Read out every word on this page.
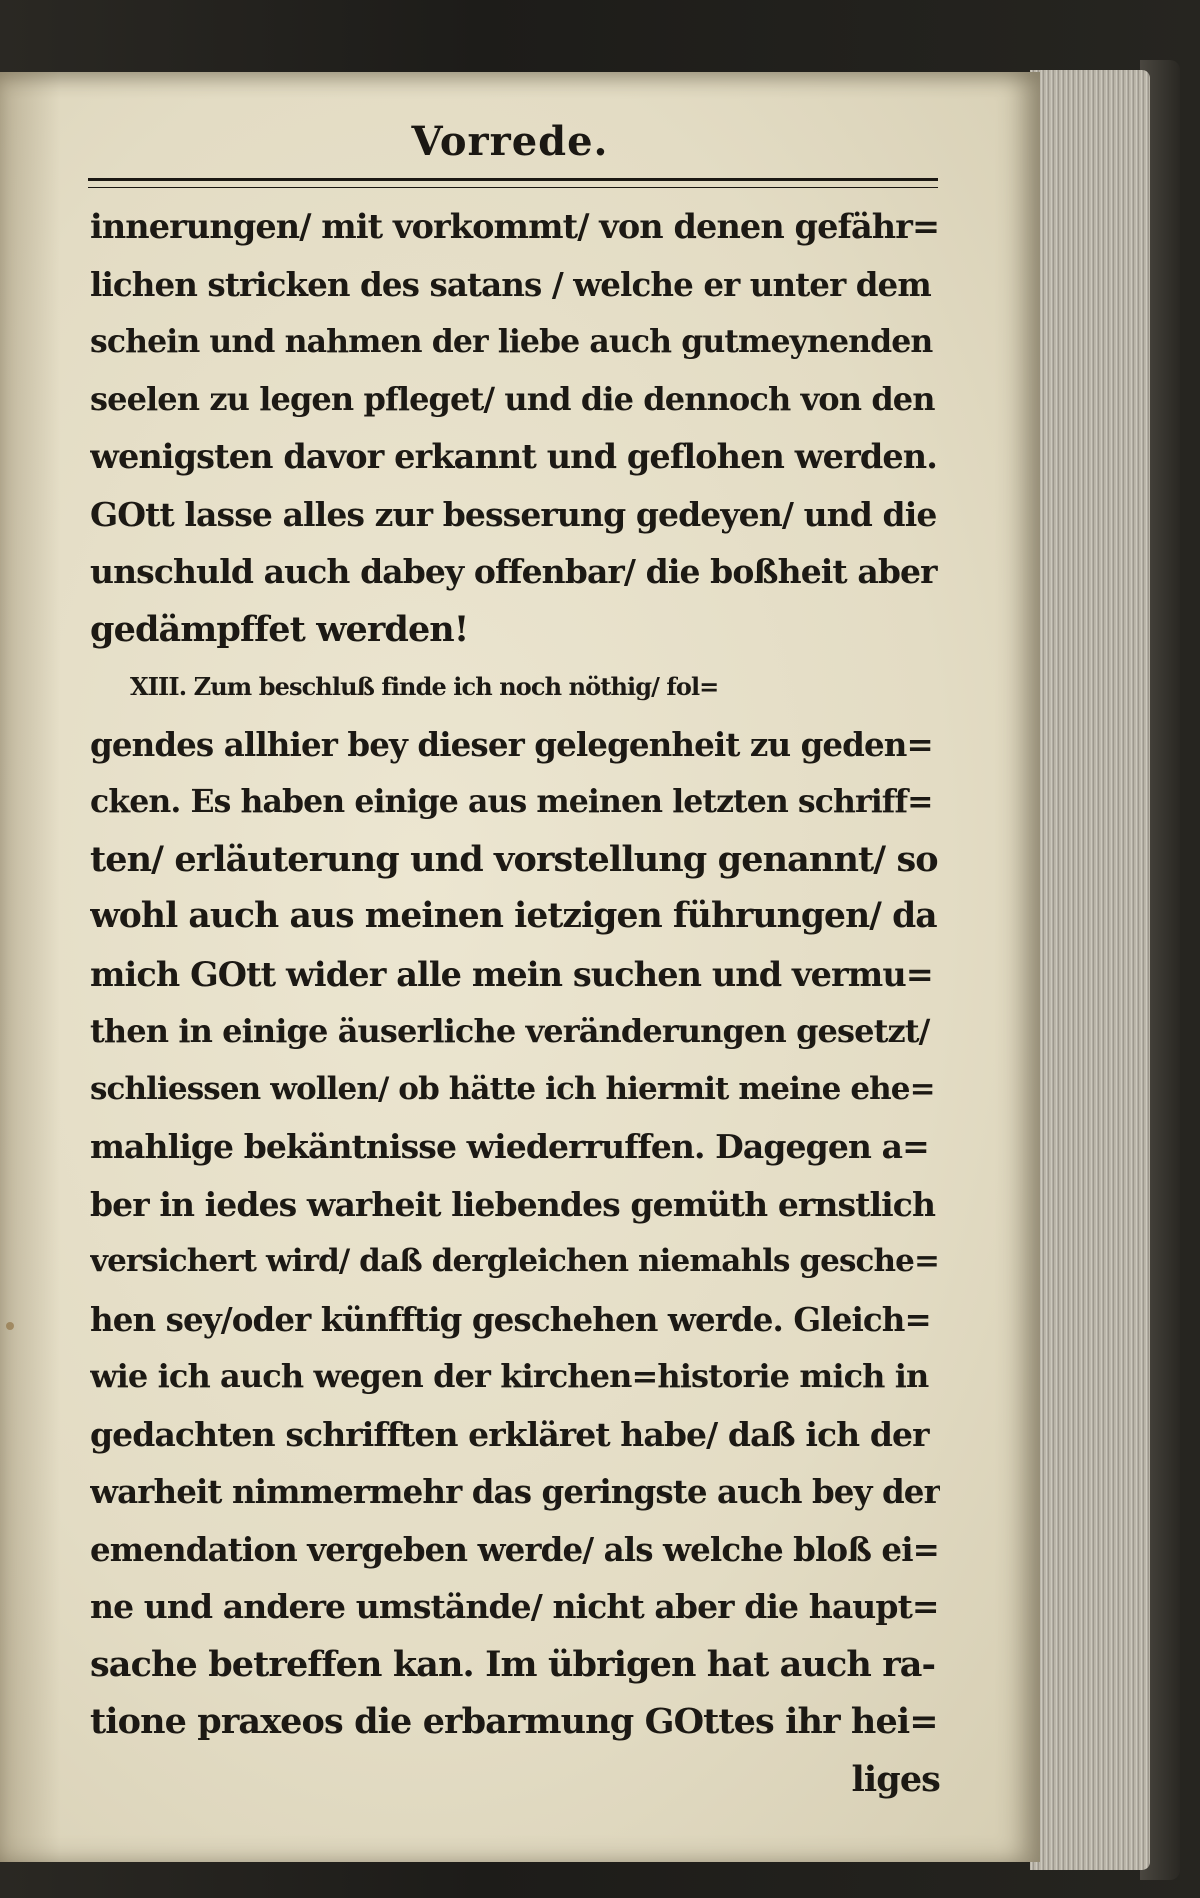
Vorrede.
innerungen/ mit vorkommt/ von denen gefähr=
lichen stricken des satans / welche er unter dem
schein und nahmen der liebe auch gutmeynenden
seelen zu legen pfleget/ und die dennoch von den
wenigsten davor erkannt und geflohen werden.
GOtt lasse alles zur besserung gedeyen/ und die
unschuld auch dabey offenbar/ die boßheit aber
gedämpffet werden!
XIII. Zum beschluß finde ich noch nöthig/ fol=
gendes allhier bey dieser gelegenheit zu geden=
cken. Es haben einige aus meinen letzten schriff=
ten/ erläuterung und vorstellung genannt/ so
wohl auch aus meinen ietzigen führungen/ da
mich GOtt wider alle mein suchen und vermu=
then in einige äuserliche veränderungen gesetzt/
schliessen wollen/ ob hätte ich hiermit meine ehe=
mahlige bekäntnisse wiederruffen. Dagegen a=
ber in iedes warheit liebendes gemüth ernstlich
versichert wird/ daß dergleichen niemahls gesche=
hen sey/oder künfftig geschehen werde. Gleich=
wie ich auch wegen der kirchen=historie mich in
gedachten schrifften erkläret habe/ daß ich der
warheit nimmermehr das geringste auch bey der
emendation vergeben werde/ als welche bloß ei=
ne und andere umstände/ nicht aber die haupt=
sache betreffen kan. Im übrigen hat auch ra-
tione praxeos die erbarmung GOttes ihr hei=
liges
